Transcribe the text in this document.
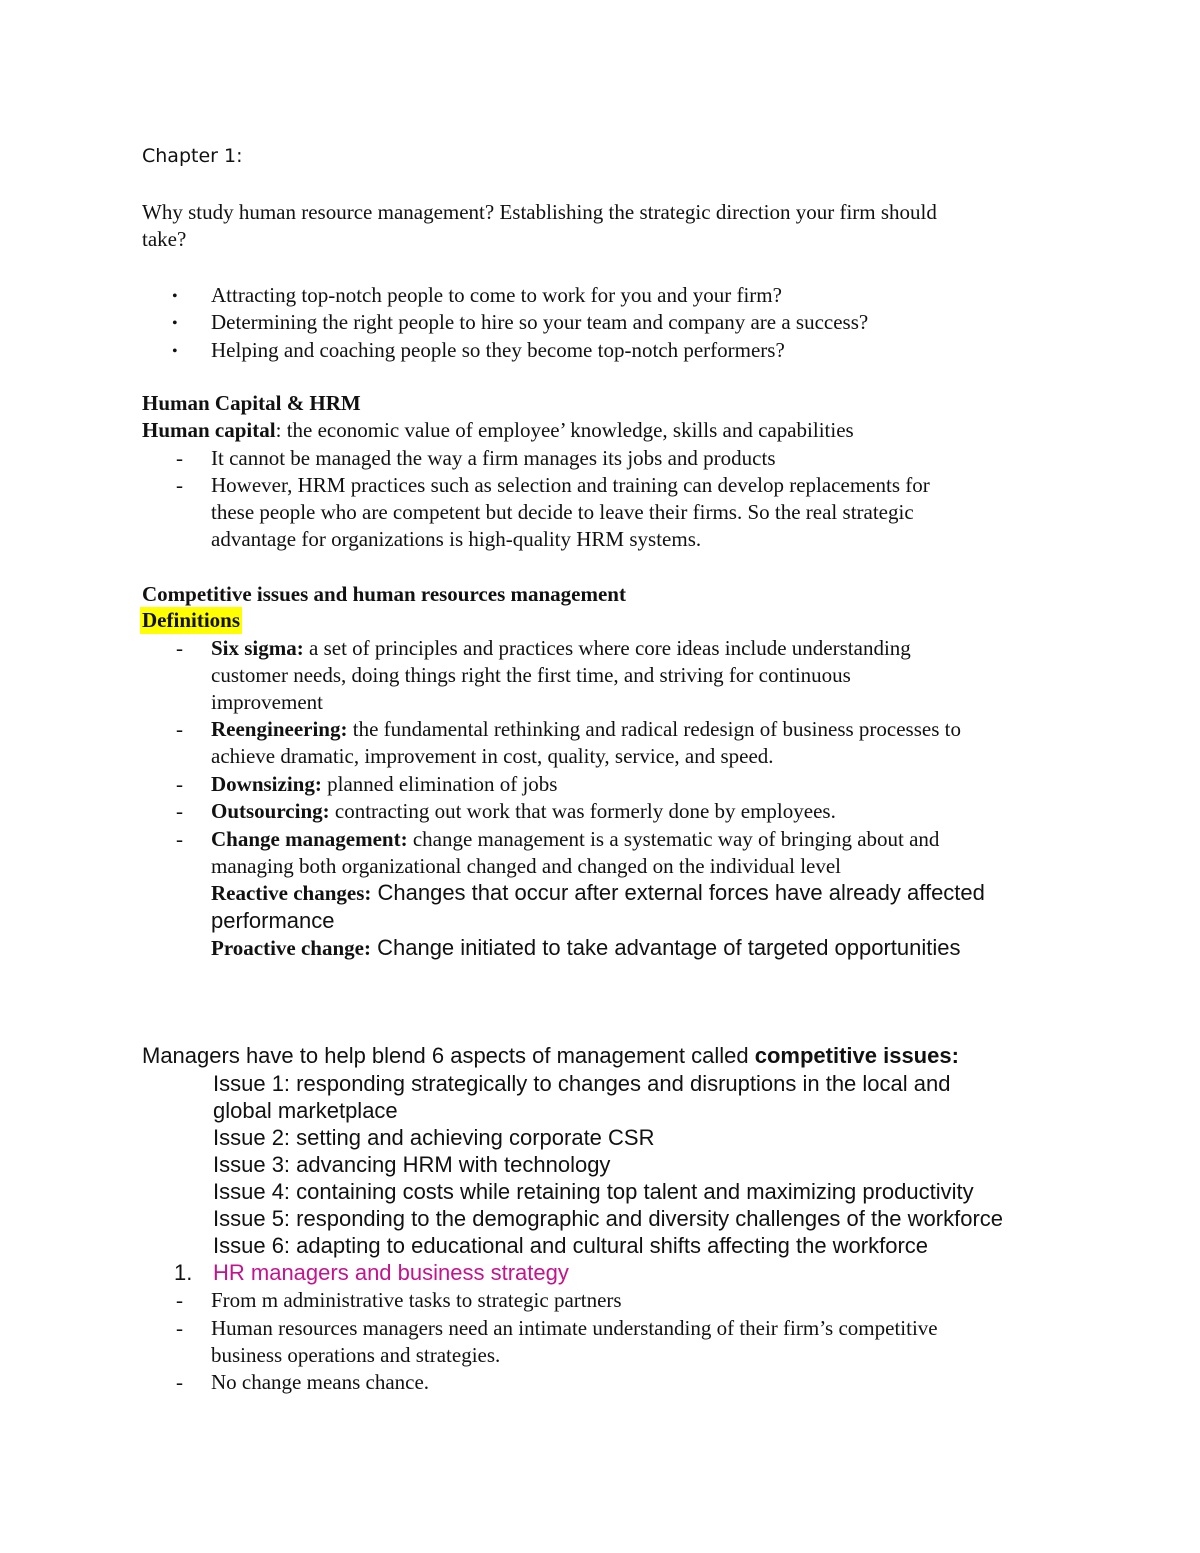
Chapter 1:
Why study human resource management? Establishing the strategic direction your firm should
take?
• Attracting top-notch people to come to work for you and your firm?
• Determining the right people to hire so your team and company are a success?
• Helping and coaching people so they become top-notch performers?
Human Capital & HRM
Human capital: the economic value of employee’ knowledge, skills and capabilities
- It cannot be managed the way a firm manages its jobs and products
- However, HRM practices such as selection and training can develop replacements for
these people who are competent but decide to leave their firms. So the real strategic
advantage for organizations is high-quality HRM systems.
Competitive issues and human resources management
Definitions
- Six sigma: a set of principles and practices where core ideas include understanding
customer needs, doing things right the first time, and striving for continuous
improvement
- Reengineering: the fundamental rethinking and radical redesign of business processes to
achieve dramatic, improvement in cost, quality, service, and speed.
- Downsizing: planned elimination of jobs
- Outsourcing: contracting out work that was formerly done by employees.
- Change management: change management is a systematic way of bringing about and
managing both organizational changed and changed on the individual level
Reactive changes: Changes that occur after external forces have already affected
performance
Proactive change: Change initiated to take advantage of targeted opportunities
Managers have to help blend 6 aspects of management called competitive issues:
Issue 1: responding strategically to changes and disruptions in the local and
global marketplace
Issue 2: setting and achieving corporate CSR
Issue 3: advancing HRM with technology
Issue 4: containing costs while retaining top talent and maximizing productivity
Issue 5: responding to the demographic and diversity challenges of the workforce
Issue 6: adapting to educational and cultural shifts affecting the workforce
1. HR managers and business strategy
- From m administrative tasks to strategic partners
- Human resources managers need an intimate understanding of their firm’s competitive
business operations and strategies.
- No change means chance.
